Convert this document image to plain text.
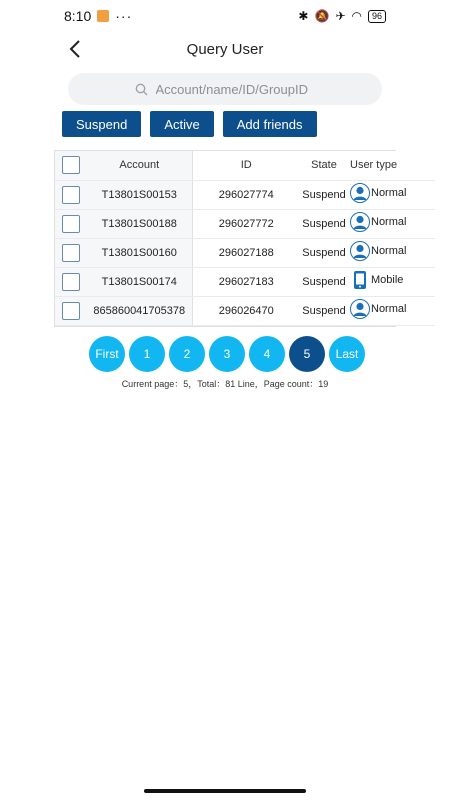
8:10 ···	✱ 🔕 ✈ ◠	96
Query User
Account/name/ID/GroupID
Suspend	Active	Add friends
	Account	ID	State	User type
	T13801S00153	296027774	Suspend	Normal

	T13801S00188	296027772	Suspend	Normal

	T13801S00160	296027188	Suspend	Normal

	T13801S00174	296027183	Suspend	Mobile

	865860041705378	296026470	Suspend	Normal
First	1	2	3	4	5	Last
Current page：5，Total：81 Line，Page count：19
